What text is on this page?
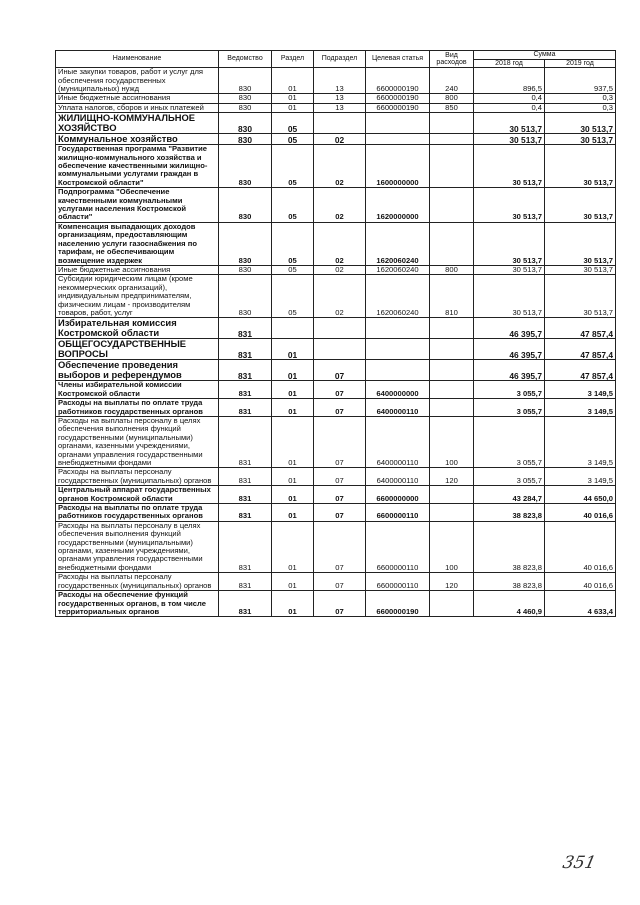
Наименование	Ведомство	Раздел	Подраздел	Целевая статья	Вид расходов	Сумма	
						2018 год	2019 год
Иные закупки товаров, работ и услуг для обеспечения государственных (муниципальных) нужд	830	01	13	6600000190	240	896,5	937,5
Иные бюджетные ассигнования	830	01	13	6600000190	800	0,4	0,3
Уплата налогов, сборов и иных платежей	830	01	13	6600000190	850	0,4	0,3
ЖИЛИЩНО-КОММУНАЛЬНОЕ ХОЗЯЙСТВО	830	05				30 513,7	30 513,7
Коммунальное хозяйство	830	05	02			30 513,7	30 513,7
Государственная программа "Развитие жилищно-коммунального хозяйства и обеспечение качественными жилищно-коммунальными услугами граждан в Костромской области"	830	05	02	1600000000		30 513,7	30 513,7
Подпрограмма "Обеспечение качественными коммунальными услугами населения Костромской области"	830	05	02	1620000000		30 513,7	30 513,7
Компенсация выпадающих доходов организациям, предоставляющим населению услуги газоснабжения по тарифам, не обеспечивающим возмещение издержек	830	05	02	1620060240		30 513,7	30 513,7
Иные бюджетные ассигнования	830	05	02	1620060240	800	30 513,7	30 513,7
Субсидии юридическим лицам (кроме некоммерческих организаций), индивидуальным предпринимателям, физическим лицам - производителям товаров, работ, услуг	830	05	02	1620060240	810	30 513,7	30 513,7
Избирательная комиссия Костромской области	831					46 395,7	47 857,4
ОБЩЕГОСУДАРСТВЕННЫЕ ВОПРОСЫ	831	01				46 395,7	47 857,4
Обеспечение проведения выборов и референдумов	831	01	07			46 395,7	47 857,4
Члены избирательной комиссии Костромской области	831	01	07	6400000000		3 055,7	3 149,5
Расходы на выплаты по оплате труда работников государственных органов	831	01	07	6400000110		3 055,7	3 149,5
Расходы на выплаты персоналу в целях обеспечения выполнения функций государственными (муниципальными) органами, казенными учреждениями, органами управления государственными внебюджетными фондами	831	01	07	6400000110	100	3 055,7	3 149,5
Расходы на выплаты персоналу государственных (муниципальных) органов	831	01	07	6400000110	120	3 055,7	3 149,5
Центральный аппарат государственных органов Костромской области	831	01	07	6600000000		43 284,7	44 650,0
Расходы на выплаты по оплате труда работников государственных органов	831	01	07	6600000110		38 823,8	40 016,6
Расходы на выплаты персоналу в целях обеспечения выполнения функций государственными (муниципальными) органами, казенными учреждениями, органами управления государственными внебюджетными фондами	831	01	07	6600000110	100	38 823,8	40 016,6
Расходы на выплаты персоналу государственных (муниципальных) органов	831	01	07	6600000110	120	38 823,8	40 016,6
Расходы на обеспечение функций государственных органов, в том числе территориальных органов	831	01	07	6600000190		4 460,9	4 633,4
351
